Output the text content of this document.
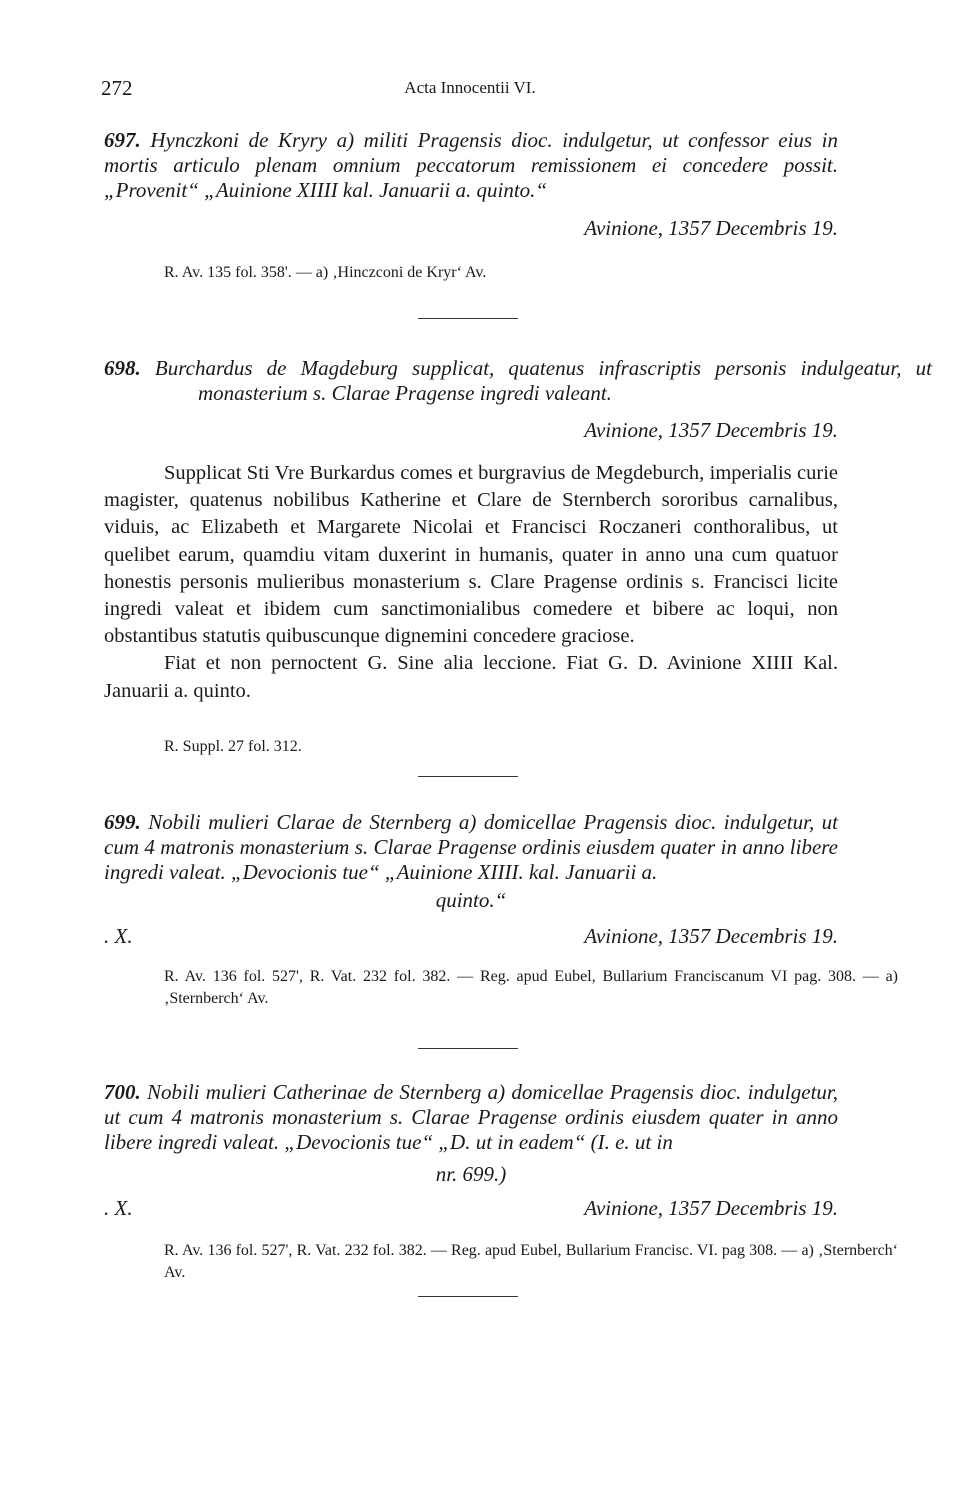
272	Acta Innocentii VI.
697. Hynczkoni de Kryry a) militi Pragensis dioc. indulgetur, ut confessor eius in mortis articulo plenam omnium peccatorum remissionem ei concedere possit. „Provenit“ „Auinione XIIII kal. Januarii a. quinto.“
Avinione, 1357 Decembris 19.
R. Av. 135 fol. 358'. — a) ‚Hinczconi de Kryr‘ Av.
698. Burchardus de Magdeburg supplicat, quatenus infrascriptis personis indulgeatur, ut monasterium s. Clarae Pragense ingredi valeant.
Avinione, 1357 Decembris 19.

Supplicat Sti Vre Burkardus comes et burgravius de Megdeburch, imperialis curie magister, quatenus nobilibus Katherine et Clare de Sternberch sororibus carnalibus, viduis, ac Elizabeth et Margarete Nicolai et Francisci Roczaneri conthoralibus, ut quelibet earum, quamdiu vitam duxerint in humanis, quater in anno una cum quatuor honestis personis mulieribus monasterium s. Clare Pragense ordinis s. Francisci licite ingredi valeat et ibidem cum sanctimonialibus comedere et bibere ac loqui, non obstantibus statutis quibuscunque dignemini concedere graciose.

Fiat et non pernoctent G. Sine alia leccione. Fiat G. D. Avinione XIIII Kal. Januarii a. quinto.

R. Suppl. 27 fol. 312.
699. Nobili mulieri Clarae de Sternberg a) domicellae Pragensis dioc. indulgetur, ut cum 4 matronis monasterium s. Clarae Pragense ordinis eiusdem quater in anno libere ingredi valeat. „Devocionis tue“ „Auinione XIIII. kal. Januarii a.
quinto.“
. X.	Avinione, 1357 Decembris 19.
R. Av. 136 fol. 527', R. Vat. 232 fol. 382. — Reg. apud Eubel, Bullarium Franciscanum VI pag. 308. — a) ‚Sternberch‘ Av.
700. Nobili mulieri Catherinae de Sternberg a) domicellae Pragensis dioc. indulgetur, ut cum 4 matronis monasterium s. Clarae Pragense ordinis eiusdem quater in anno libere ingredi valeat. „Devocionis tue“ „D. ut in eadem“ (I. e. ut in
nr. 699.)
. X.	Avinione, 1357 Decembris 19.
R. Av. 136 fol. 527', R. Vat. 232 fol. 382. — Reg. apud Eubel, Bullarium Francisc. VI. pag 308. — a) ‚Sternberch‘ Av.
